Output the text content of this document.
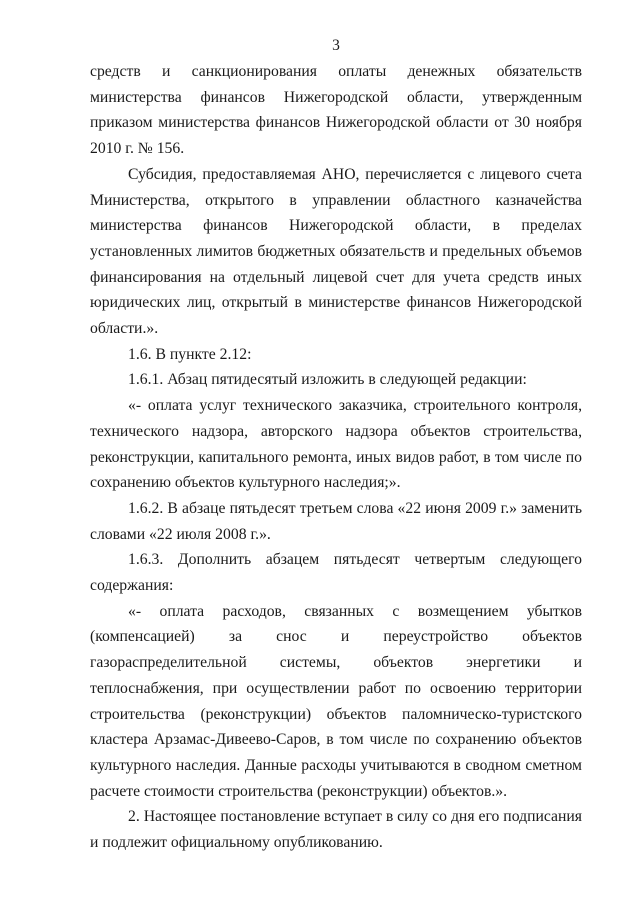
3

средств и санкционирования оплаты денежных обязательств министерства финансов Нижегородской области, утвержденным приказом министерства финансов Нижегородской области от 30 ноября 2010 г. № 156.

Субсидия, предоставляемая АНО, перечисляется с лицевого счета Министерства, открытого в управлении областного казначейства министерства финансов Нижегородской области, в пределах установленных лимитов бюджетных обязательств и предельных объемов финансирования на отдельный лицевой счет для учета средств иных юридических лиц, открытый в министерстве финансов Нижегородской области.».

1.6. В пункте 2.12:

1.6.1. Абзац пятидесятый изложить в следующей редакции:

«- оплата услуг технического заказчика, строительного контроля, технического надзора, авторского надзора объектов строительства, реконструкции, капитального ремонта, иных видов работ, в том числе по сохранению объектов культурного наследия;».

1.6.2. В абзаце пятьдесят третьем слова «22 июня 2009 г.» заменить словами «22 июля 2008 г.».

1.6.3. Дополнить абзацем пятьдесят четвертым следующего содержания:

«- оплата расходов, связанных с возмещением убытков (компенсацией) за снос и переустройство объектов газораспределительной системы, объектов энергетики и теплоснабжения, при осуществлении работ по освоению территории строительства (реконструкции) объектов паломническо-туристского кластера Арзамас-Дивеево-Саров, в том числе по сохранению объектов культурного наследия. Данные расходы учитываются в сводном сметном расчете стоимости строительства (реконструкции) объектов.».

2. Настоящее постановление вступает в силу со дня его подписания и подлежит официальному опубликованию.
